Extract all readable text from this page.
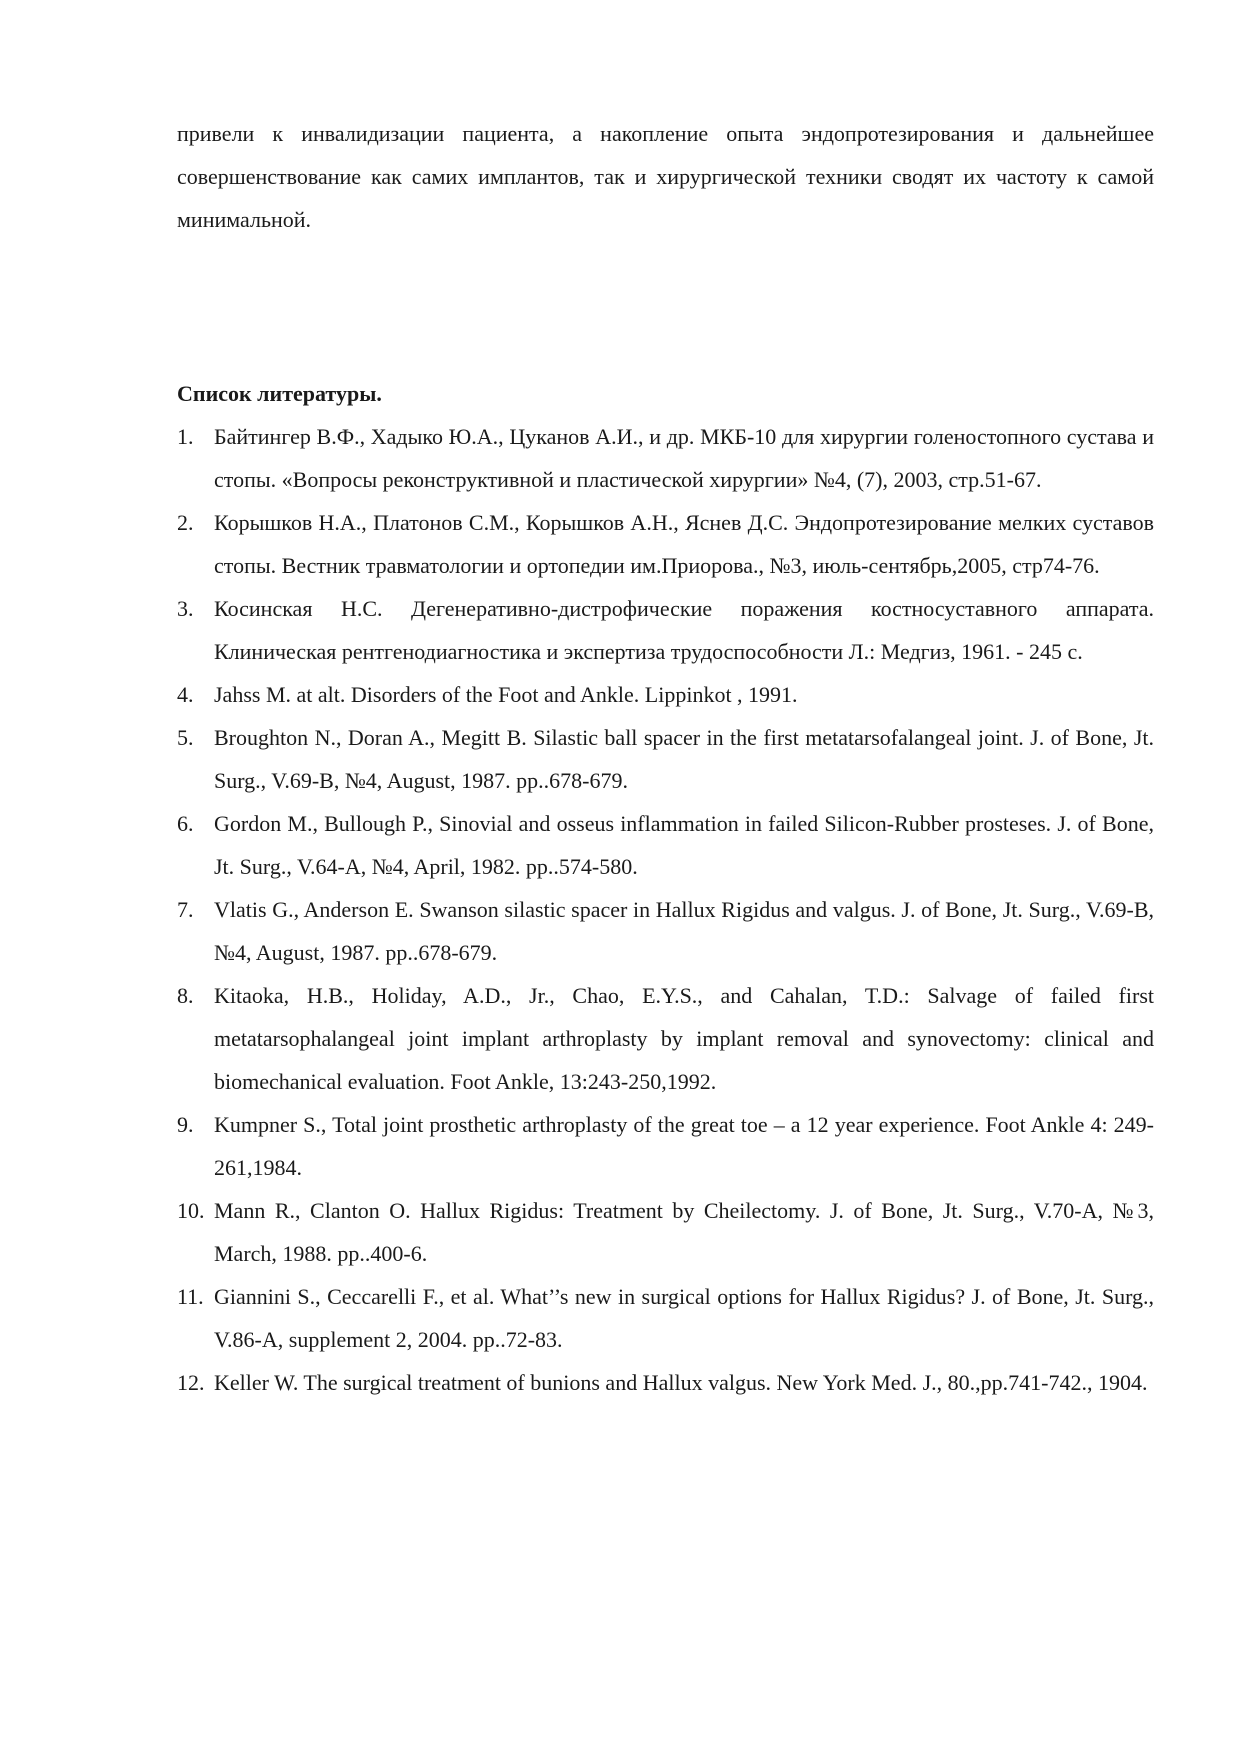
привели к инвалидизации пациента, а накопление опыта эндопротезирования и дальнейшее совершенствование как самих имплантов, так и хирургической техники сводят их частоту к самой минимальной.

Список литературы.
1. Байтингер В.Ф., Хадыко Ю.А., Цуканов А.И., и др. МКБ-10 для хирургии голеностопного сустава и стопы. «Вопросы реконструктивной и пластической хирургии» №4, (7), 2003, стр.51-67.
2. Корышков Н.А., Платонов С.М., Корышков А.Н., Яснев Д.С. Эндопротезирование мелких суставов стопы. Вестник травматологии и ортопедии им.Приорова., №3, июль-сентябрь,2005, стр74-76.
3. Косинская Н.С. Дегенеративно-дистрофические поражения костносуставного аппарата. Клиническая рентгенодиагностика и экспертиза трудоспособности Л.: Медгиз, 1961. - 245 с.
4. Jahss M. at alt. Disorders of the Foot and Ankle. Lippinkot , 1991.
5. Broughton N., Doran A., Megitt B. Silastic ball spacer in the first metatarsofalangeal joint. J. of Bone, Jt. Surg., V.69-B, №4, August, 1987. pp..678-679.
6. Gordon M., Bullough P., Sinovial and osseus inflammation in failed Silicon-Rubber prosteses. J. of Bone, Jt. Surg., V.64-A, №4, April, 1982. pp..574-580.
7. Vlatis G., Anderson E. Swanson silastic spacer in Hallux Rigidus and valgus. J. of Bone, Jt. Surg., V.69-B, №4, August, 1987. pp..678-679.
8. Kitaoka, H.B., Holiday, A.D., Jr., Chao, E.Y.S., and Cahalan, T.D.: Salvage of failed first metatarsophalangeal joint implant arthroplasty by implant removal and synovectomy: clinical and biomechanical evaluation. Foot Ankle, 13:243-250,1992.
9. Kumpner S., Total joint prosthetic arthroplasty of the great toe – a 12 year experience. Foot Ankle 4: 249-261,1984.
10. Mann R., Clanton O. Hallux Rigidus: Treatment by Cheilectomy. J. of Bone, Jt. Surg., V.70-A, №3, March, 1988. pp..400-6.
11. Giannini S., Ceccarelli F., et al. What’’s new in surgical options for Hallux Rigidus? J. of Bone, Jt. Surg., V.86-A, supplement 2, 2004. pp..72-83.
12. Keller W. The surgical treatment of bunions and Hallux valgus. New York Med. J., 80.,pp.741-742., 1904.
